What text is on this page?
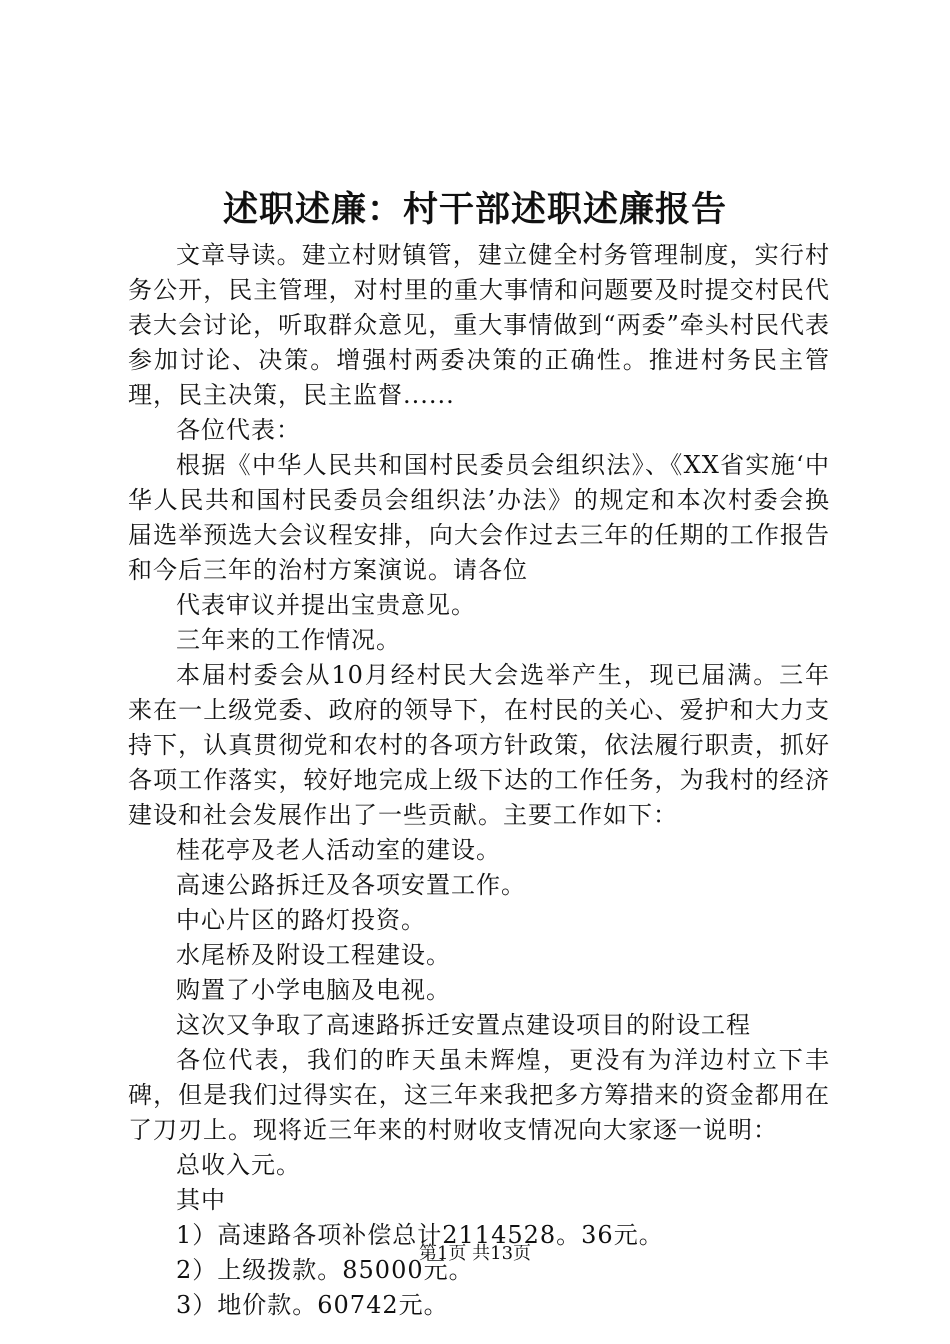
述职述廉：村干部述职述廉报告

文章导读。建立村财镇管，建立健全村务管理制度，实行村务公开，民主管理，对村里的重大事情和问题要及时提交村民代表大会讨论，听取群众意见，重大事情做到“两委”牵头村民代表参加讨论、决策。增强村两委决策的正确性。推进村务民主管理，民主决策，民主监督......

各位代表：

根据《中华人民共和国村民委员会组织法》、《XX省实施‘中华人民共和国村民委员会组织法’办法》的规定和本次村委会换届选举预选大会议程安排，向大会作过去三年的任期的工作报告和今后三年的治村方案演说。请各位

代表审议并提出宝贵意见。

三年来的工作情况。

本届村委会从10月经村民大会选举产生，现已届满。三年来在一上级党委、政府的领导下，在村民的关心、爱护和大力支持下，认真贯彻党和农村的各项方针政策，依法履行职责，抓好各项工作落实，较好地完成上级下达的工作任务，为我村的经济建设和社会发展作出了一些贡献。主要工作如下：

桂花亭及老人活动室的建设。

高速公路拆迁及各项安置工作。

中心片区的路灯投资。

水尾桥及附设工程建设。

购置了小学电脑及电视。

这次又争取了高速路拆迁安置点建设项目的附设工程

各位代表，我们的昨天虽未辉煌，更没有为洋边村立下丰碑，但是我们过得实在，这三年来我把多方筹措来的资金都用在了刀刃上。现将近三年来的村财收支情况向大家逐一说明：

总收入元。

其中

1）高速路各项补偿总计2114528。36元。

2）上级拨款。85000元。

3）地价款。60742元。

第1页 共13页
